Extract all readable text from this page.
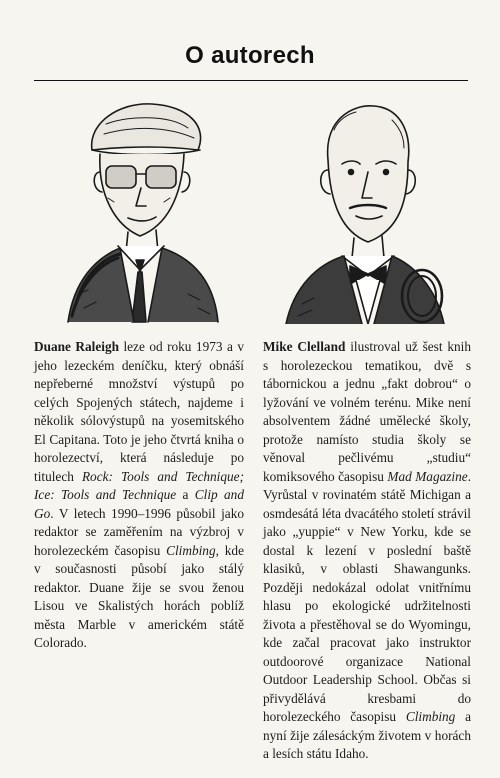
O autorech
Duane Raleigh leze od roku 1973 a v jeho lezeckém deníčku, který obnáší nepřeberné množství výstupů po celých Spojených státech, najdeme i několik sólovýstupů na yosemitského El Capitana. Toto je jeho čtvrtá kniha o horolezectví, která následuje po titulech Rock: Tools and Technique; Ice: Tools and Technique a Clip and Go. V letech 1990–1996 působil jako redaktor se zaměřením na výzbroj v horolezeckém časopisu Climbing, kde v současnosti působí jako stálý redaktor. Duane žije se svou ženou Lisou ve Skalistých horách poblíž města Marble v americkém státě Colorado.
Mike Clelland ilustroval už šest knih s horolezeckou tematikou, dvě s tábornickou a jednu „fakt dobrou“ o lyžování ve volném terénu. Mike není absolventem žádné umělecké školy, protože namísto studia školy se věnoval pečlivému „studiu“ komiksového časopisu Mad Magazine. Vyrůstal v rovinatém státě Michigan a osmdesátá léta dvacátého století strávil jako „yuppie“ v New Yorku, kde se dostal k lezení v poslední baště klasiků, v oblasti Shawangunks. Později nedokázal odolat vnitřnímu hlasu po ekologické udržitelnosti života a přestěhoval se do Wyomingu, kde začal pracovat jako instruktor outdoorové organizace National Outdoor Leadership School. Občas si přivydělává kresbami do horolezeckého časopisu Climbing a nyní žije zálesáckým životem v horách a lesích státu Idaho.
